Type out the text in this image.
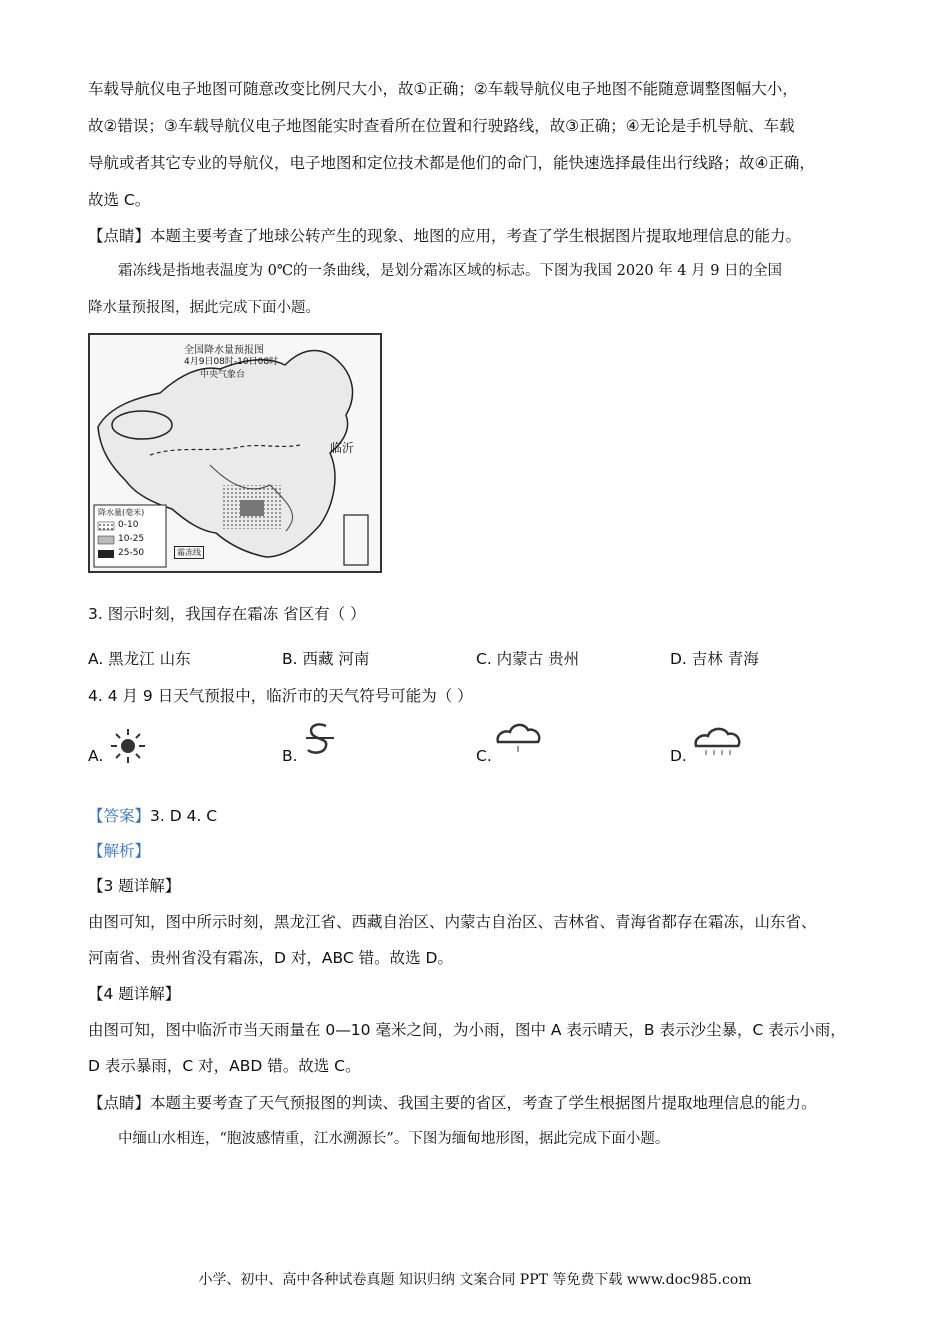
车载导航仪电子地图可随意改变比例尺大小，故①正确；②车载导航仪电子地图不能随意调整图幅大小，
故②错误；③车载导航仪电子地图能实时查看所在位置和行驶路线，故③正确；④无论是手机导航、车载
导航或者其它专业的导航仪，电子地图和定位技术都是他们的命门，能快速选择最佳出行线路；故④正确，
故选 C。
【点睛】本题主要考查了地球公转产生的现象、地图的应用，考查了学生根据图片提取地理信息的能力。
霜冻线是指地表温度为 0℃的一条曲线，是划分霜冻区域的标志。下图为我国 2020 年 4 月 9 日的全国
降水量预报图，据此完成下面小题。
全国降水量预报图
4月9日08时-10日08时
中央气象台
临沂
降水量(毫米)
0-10
10-25
25-50	霜冻线
3. 图示时刻，我国存在霜冻 省区有（ ）
A. 黑龙江 山东	B. 西藏 河南	C. 内蒙古 贵州	D. 吉林 青海
4. 4 月 9 日天气预报中，临沂市的天气符号可能为（ ）
A.	B.	C.	D.
【答案】3. D 4. C
【解析】
【3 题详解】
由图可知，图中所示时刻，黑龙江省、西藏自治区、内蒙古自治区、吉林省、青海省都存在霜冻，山东省、
河南省、贵州省没有霜冻，D 对，ABC 错。故选 D。
【4 题详解】
由图可知，图中临沂市当天雨量在 0—10 毫米之间，为小雨，图中 A 表示晴天，B 表示沙尘暴，C 表示小雨，
D 表示暴雨，C 对，ABD 错。故选 C。
【点睛】本题主要考查了天气预报图的判读、我国主要的省区，考查了学生根据图片提取地理信息的能力。
中缅山水相连，“胞波感情重，江水溯源长”。下图为缅甸地形图，据此完成下面小题。
小学、初中、高中各种试卷真题 知识归纳 文案合同 PPT 等免费下载 www.doc985.com
